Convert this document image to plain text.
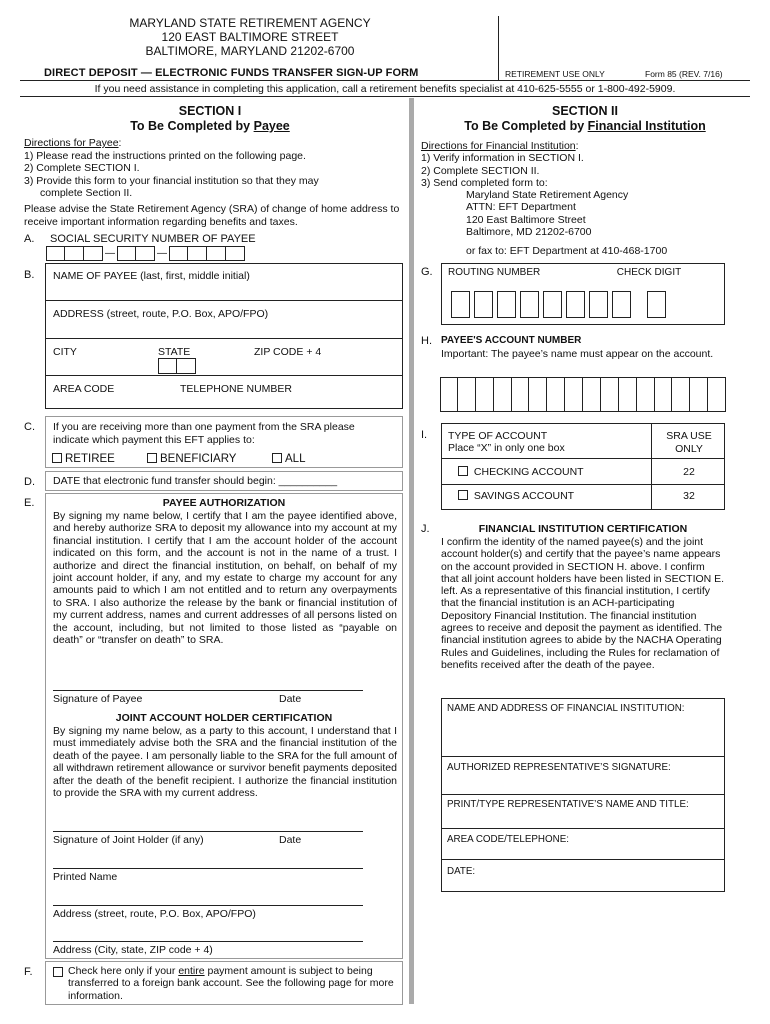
MARYLAND STATE RETIREMENT AGENCY
120 EAST BALTIMORE STREET
BALTIMORE, MARYLAND 21202-6700
DIRECT DEPOSIT — ELECTRONIC FUNDS TRANSFER SIGN-UP FORM	RETIREMENT USE ONLY	Form 85 (REV. 7/16)
If you need assistance in completing this application, call a retirement benefits specialist at 410-625-5555 or 1-800-492-5909.
SECTION I
To Be Completed by Payee
Directions for Payee:
1) Please read the instructions printed on the following page.
2) Complete SECTION I.
3) Provide this form to your financial institution so that they may
complete Section II.
Please advise the State Retirement Agency (SRA) of change of home address to receive important information regarding benefits and taxes.
A. SOCIAL SECURITY NUMBER OF PAYEE
—	—
B. NAME OF PAYEE (last, first, middle initial)
ADDRESS (street, route, P.O. Box, APO/FPO)
CITY	STATE	ZIP CODE + 4
AREA CODE	TELEPHONE NUMBER
C. If you are receiving more than one payment from the SRA please indicate which payment this EFT applies to:
RETIREE	BENEFICIARY	ALL
D. DATE that electronic fund transfer should begin: __________
E.	PAYEE AUTHORIZATION
By signing my name below, I certify that I am the payee identified above, and hereby authorize SRA to deposit my allowance into my account at my financial institution. I certify that I am the account holder of the account indicated on this form, and the account is not in the name of a trust. I authorize and direct the financial institution, on behalf, on behalf of my joint account holder, if any, and my estate to charge my account for any amounts paid to which I am not entitled and to return any overpayments to SRA. I also authorize the release by the bank or financial institution of my current address, names and current addresses of all persons listed on the account, including, but not limited to those listed as “payable on death” or “transfer on death” to SRA.
Signature of Payee	Date
JOINT ACCOUNT HOLDER CERTIFICATION
By signing my name below, as a party to this account, I understand that I must immediately advise both the SRA and the financial institution of the death of the payee. I am personally liable to the SRA for the full amount of all withdrawn retirement allowance or survivor benefit payments deposited after the death of the benefit recipient. I authorize the financial institution to provide the SRA with my current address.
Signature of Joint Holder (if any)	Date
Printed Name
Address (street, route, P.O. Box, APO/FPO)
Address (City, state, ZIP code + 4)
F.	Check here only if your entire payment amount is subject to being transferred to a foreign bank account. See the following page for more information.
SECTION II
To Be Completed by Financial Institution
Directions for Financial Institution:
1) Verify information in SECTION I.
2) Complete SECTION II.
3) Send completed form to:
Maryland State Retirement Agency
ATTN: EFT Department
120 East Baltimore Street
Baltimore, MD 21202-6700
or fax to: EFT Department at 410-468-1700
G. ROUTING NUMBER	CHECK DIGIT
H. PAYEE'S ACCOUNT NUMBER
Important: The payee’s name must appear on the account.
I. TYPE OF ACCOUNT
Place “X” in only one box
SRA USE ONLY
CHECKING ACCOUNT	22
SAVINGS ACCOUNT	32
J.	FINANCIAL INSTITUTION CERTIFICATION
I confirm the identity of the named payee(s) and the joint account holder(s) and certify that the payee’s name appears on the account provided in SECTION H. above. I confirm that all joint account holders have been listed in SECTION E. left. As a representative of this financial institution, I certify that the financial institution is an ACH-participating Depository Financial Institution. The financial institution agrees to receive and deposit the payment as identified. The financial institution agrees to abide by the NACHA Operating Rules and Guidelines, including the Rules for reclamation of benefits received after the death of the payee.
NAME AND ADDRESS OF FINANCIAL INSTITUTION:
AUTHORIZED REPRESENTATIVE’S SIGNATURE:
PRINT/TYPE REPRESENTATIVE’S NAME AND TITLE:
AREA CODE/TELEPHONE:
DATE:
